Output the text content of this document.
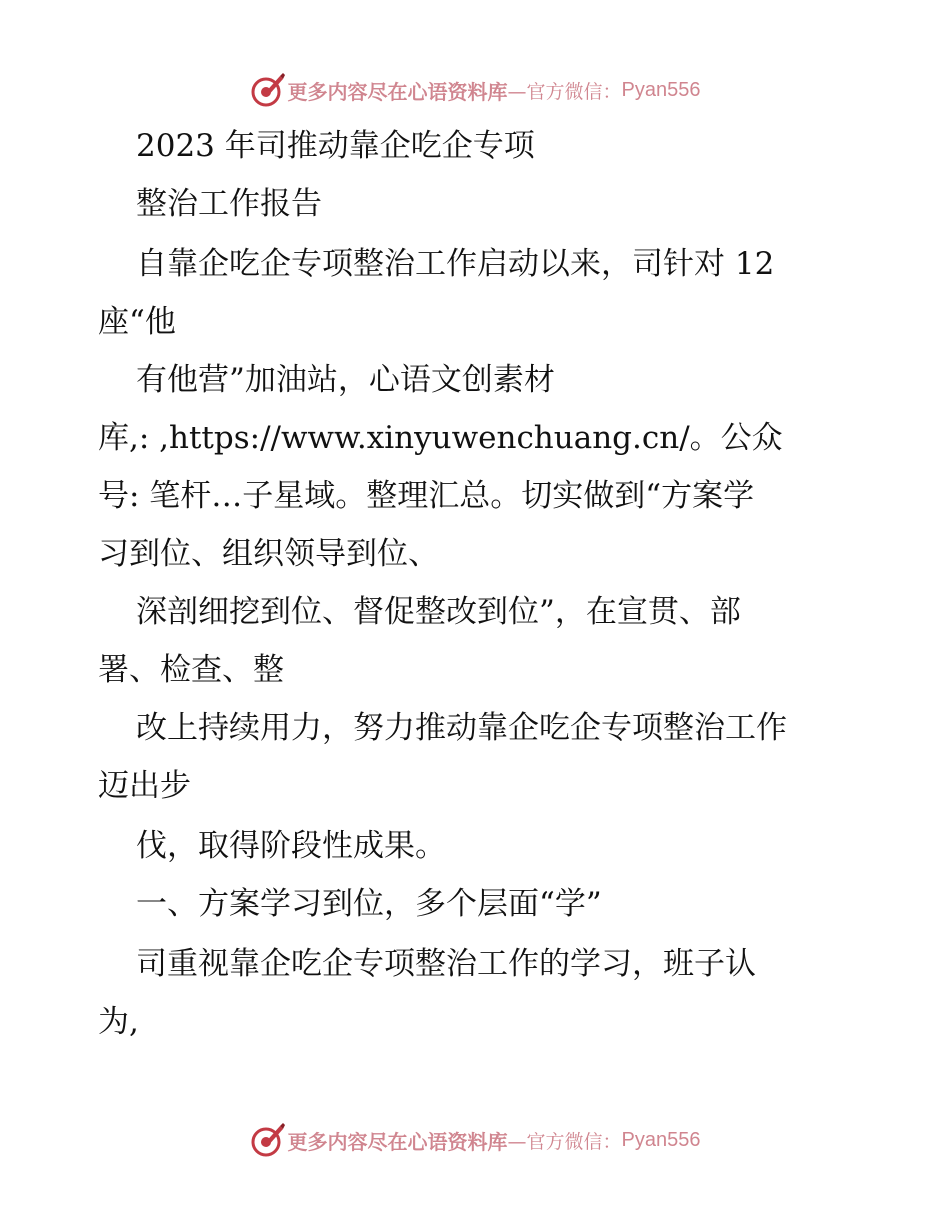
更多内容尽在心语资料库 —官方微信： Pyan556
2023 年司推动靠企吃企专项
整治工作报告
自靠企吃企专项整治工作启动以来，司针对 12
座“他
有他营”加油站，心语文创素材
库,: ,https://www.xinyuwenchuang.cn/。公众
号: 笔杆…子星域。整理汇总。切实做到“方案学
习到位、组织领导到位、
深剖细挖到位、督促整改到位”，在宣贯、部
署、检查、整
改上持续用力，努力推动靠企吃企专项整治工作
迈出步
伐，取得阶段性成果。
一、方案学习到位，多个层面“学”
司重视靠企吃企专项整治工作的学习，班子认
为,
更多内容尽在心语资料库 —官方微信： Pyan556
